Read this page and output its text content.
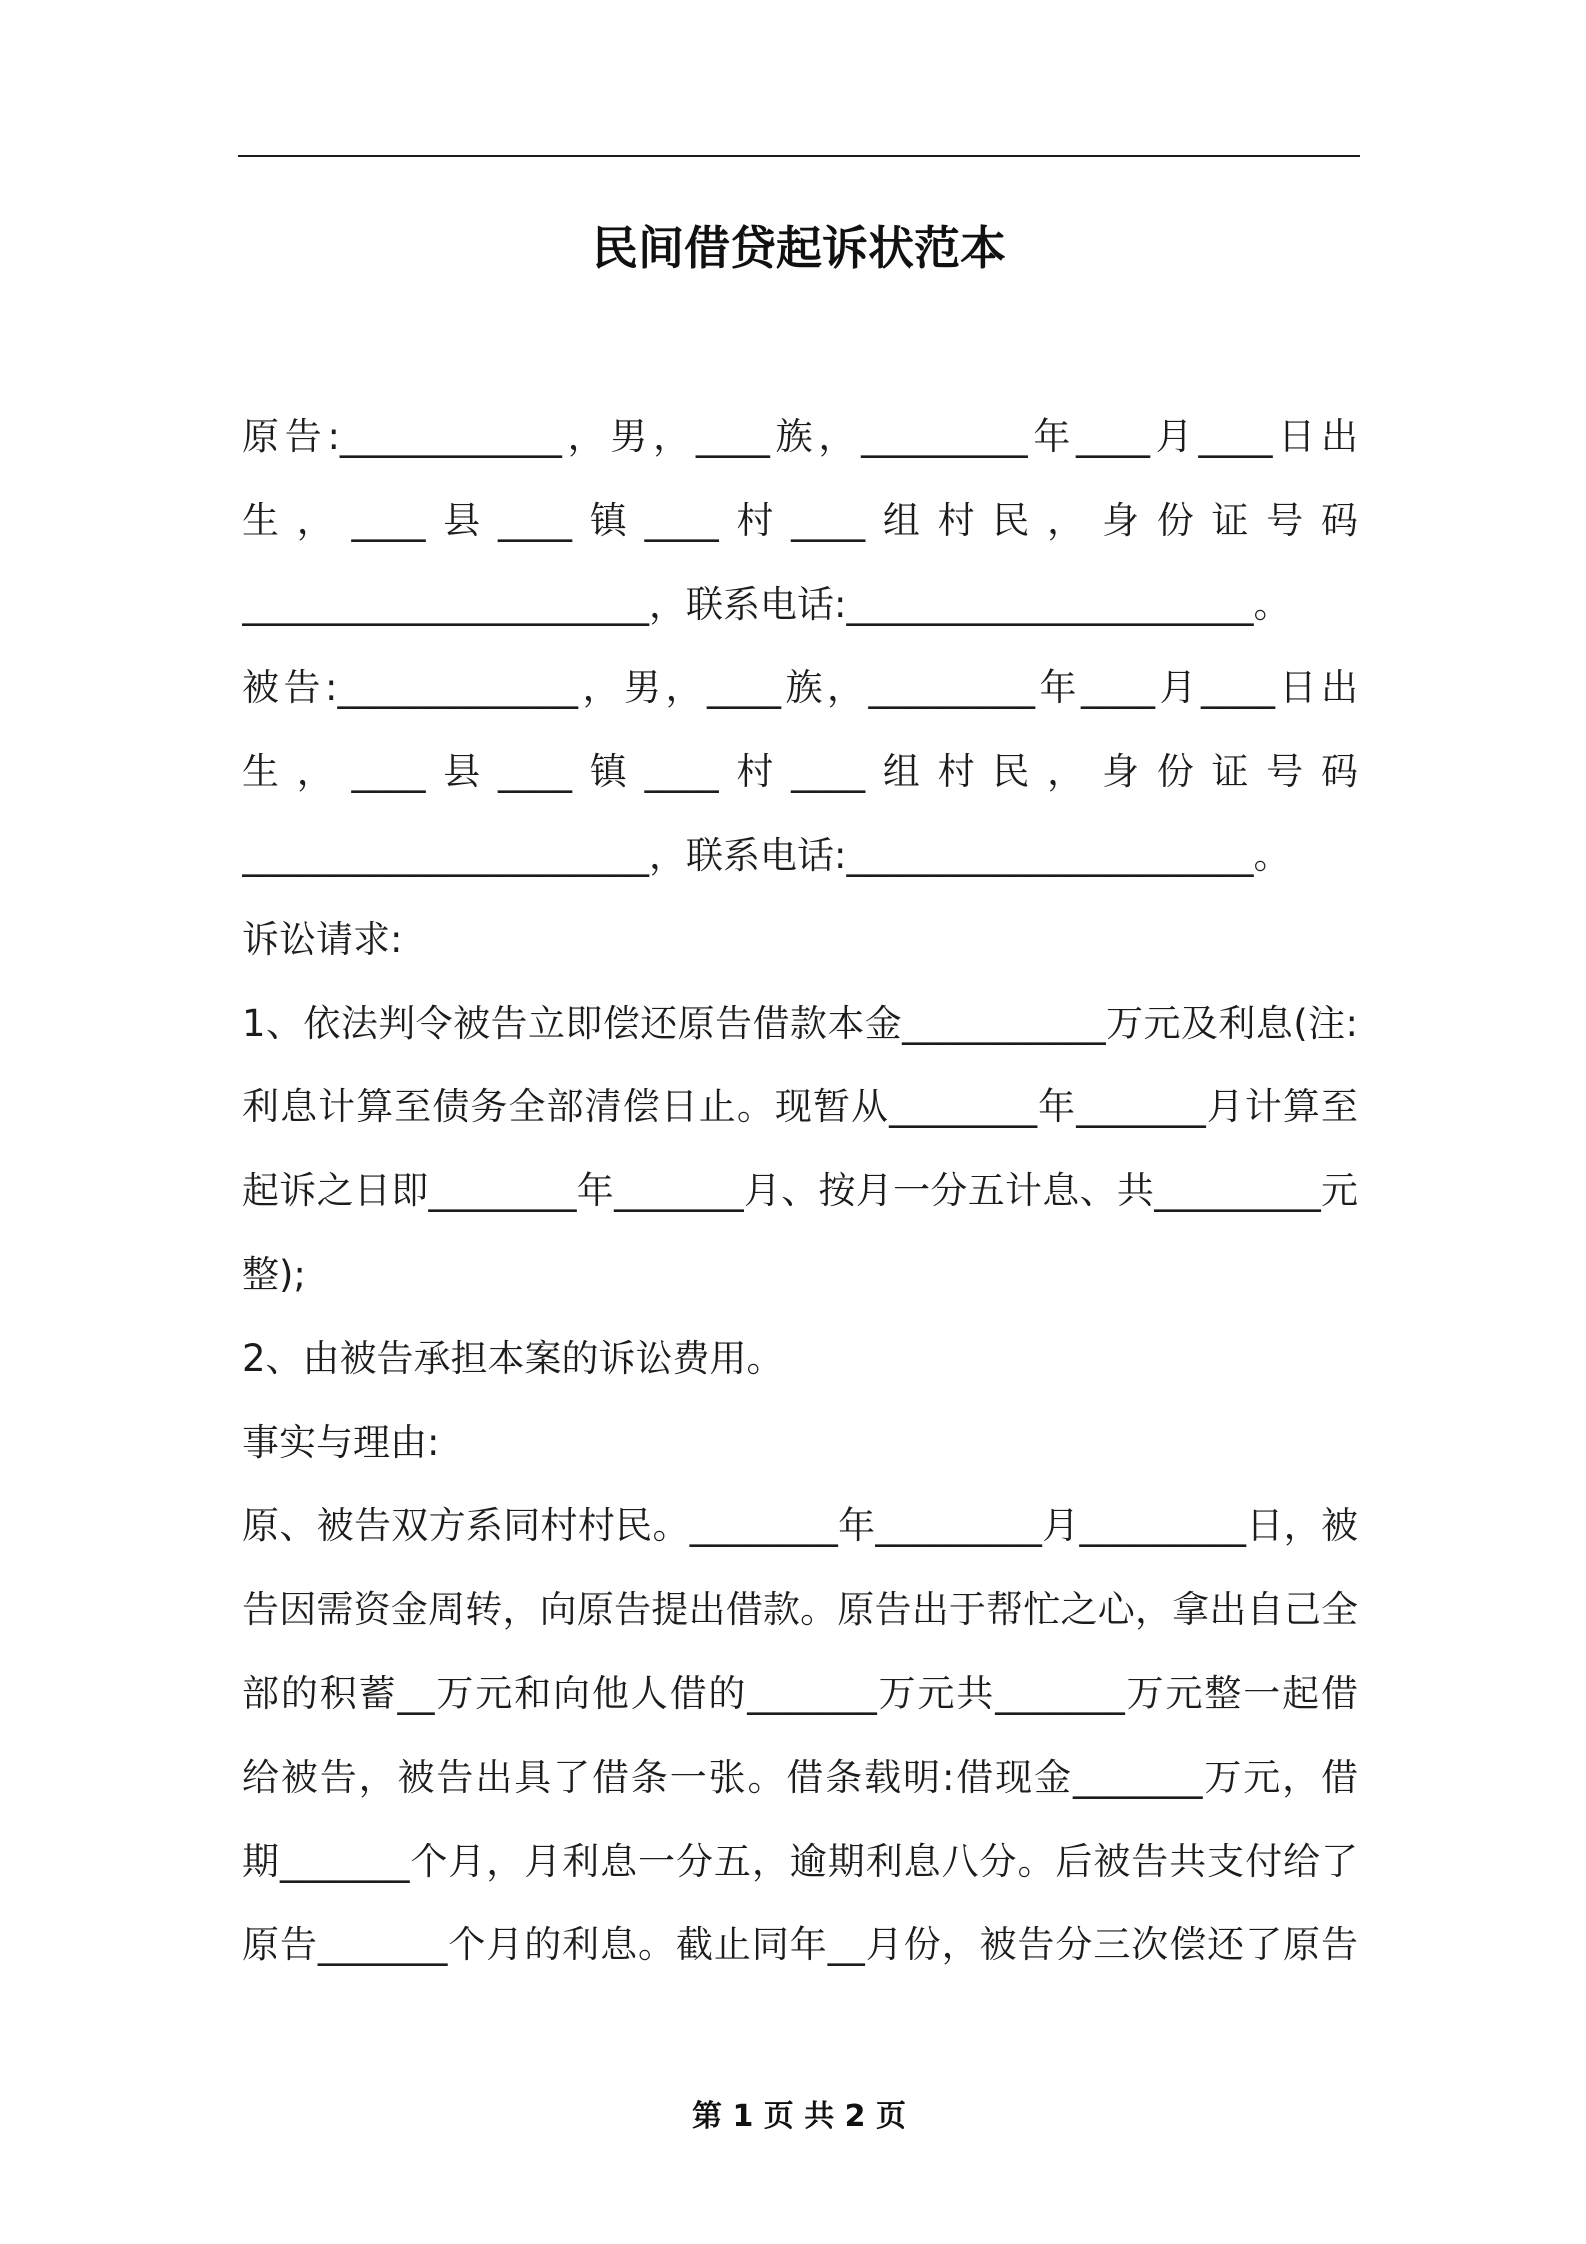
民间借贷起诉状范本
原告:____________，男，____族，_________年____月____日出
生，____县____镇____村____组村民，身份证号码
______________________，联系电话:______________________。
被告:_____________，男，____族，_________年____月____日出
生，____县____镇____村____组村民，身份证号码
______________________，联系电话:______________________。
诉讼请求:
1、依法判令被告立即偿还原告借款本金___________万元及利息(注:
利息计算至债务全部清偿日止。现暂从________年_______月计算至
起诉之日即________年_______月、按月一分五计息、共_________元
整);
2、由被告承担本案的诉讼费用。
事实与理由:
原、被告双方系同村村民。________年_________月_________日，被
告因需资金周转，向原告提出借款。原告出于帮忙之心，拿出自己全
部的积蓄__万元和向他人借的_______万元共_______万元整一起借
给被告，被告出具了借条一张。借条载明:借现金_______万元，借
期_______个月，月利息一分五，逾期利息八分。后被告共支付给了
原告_______个月的利息。截止同年__月份，被告分三次偿还了原告
第 1 页 共 2 页
